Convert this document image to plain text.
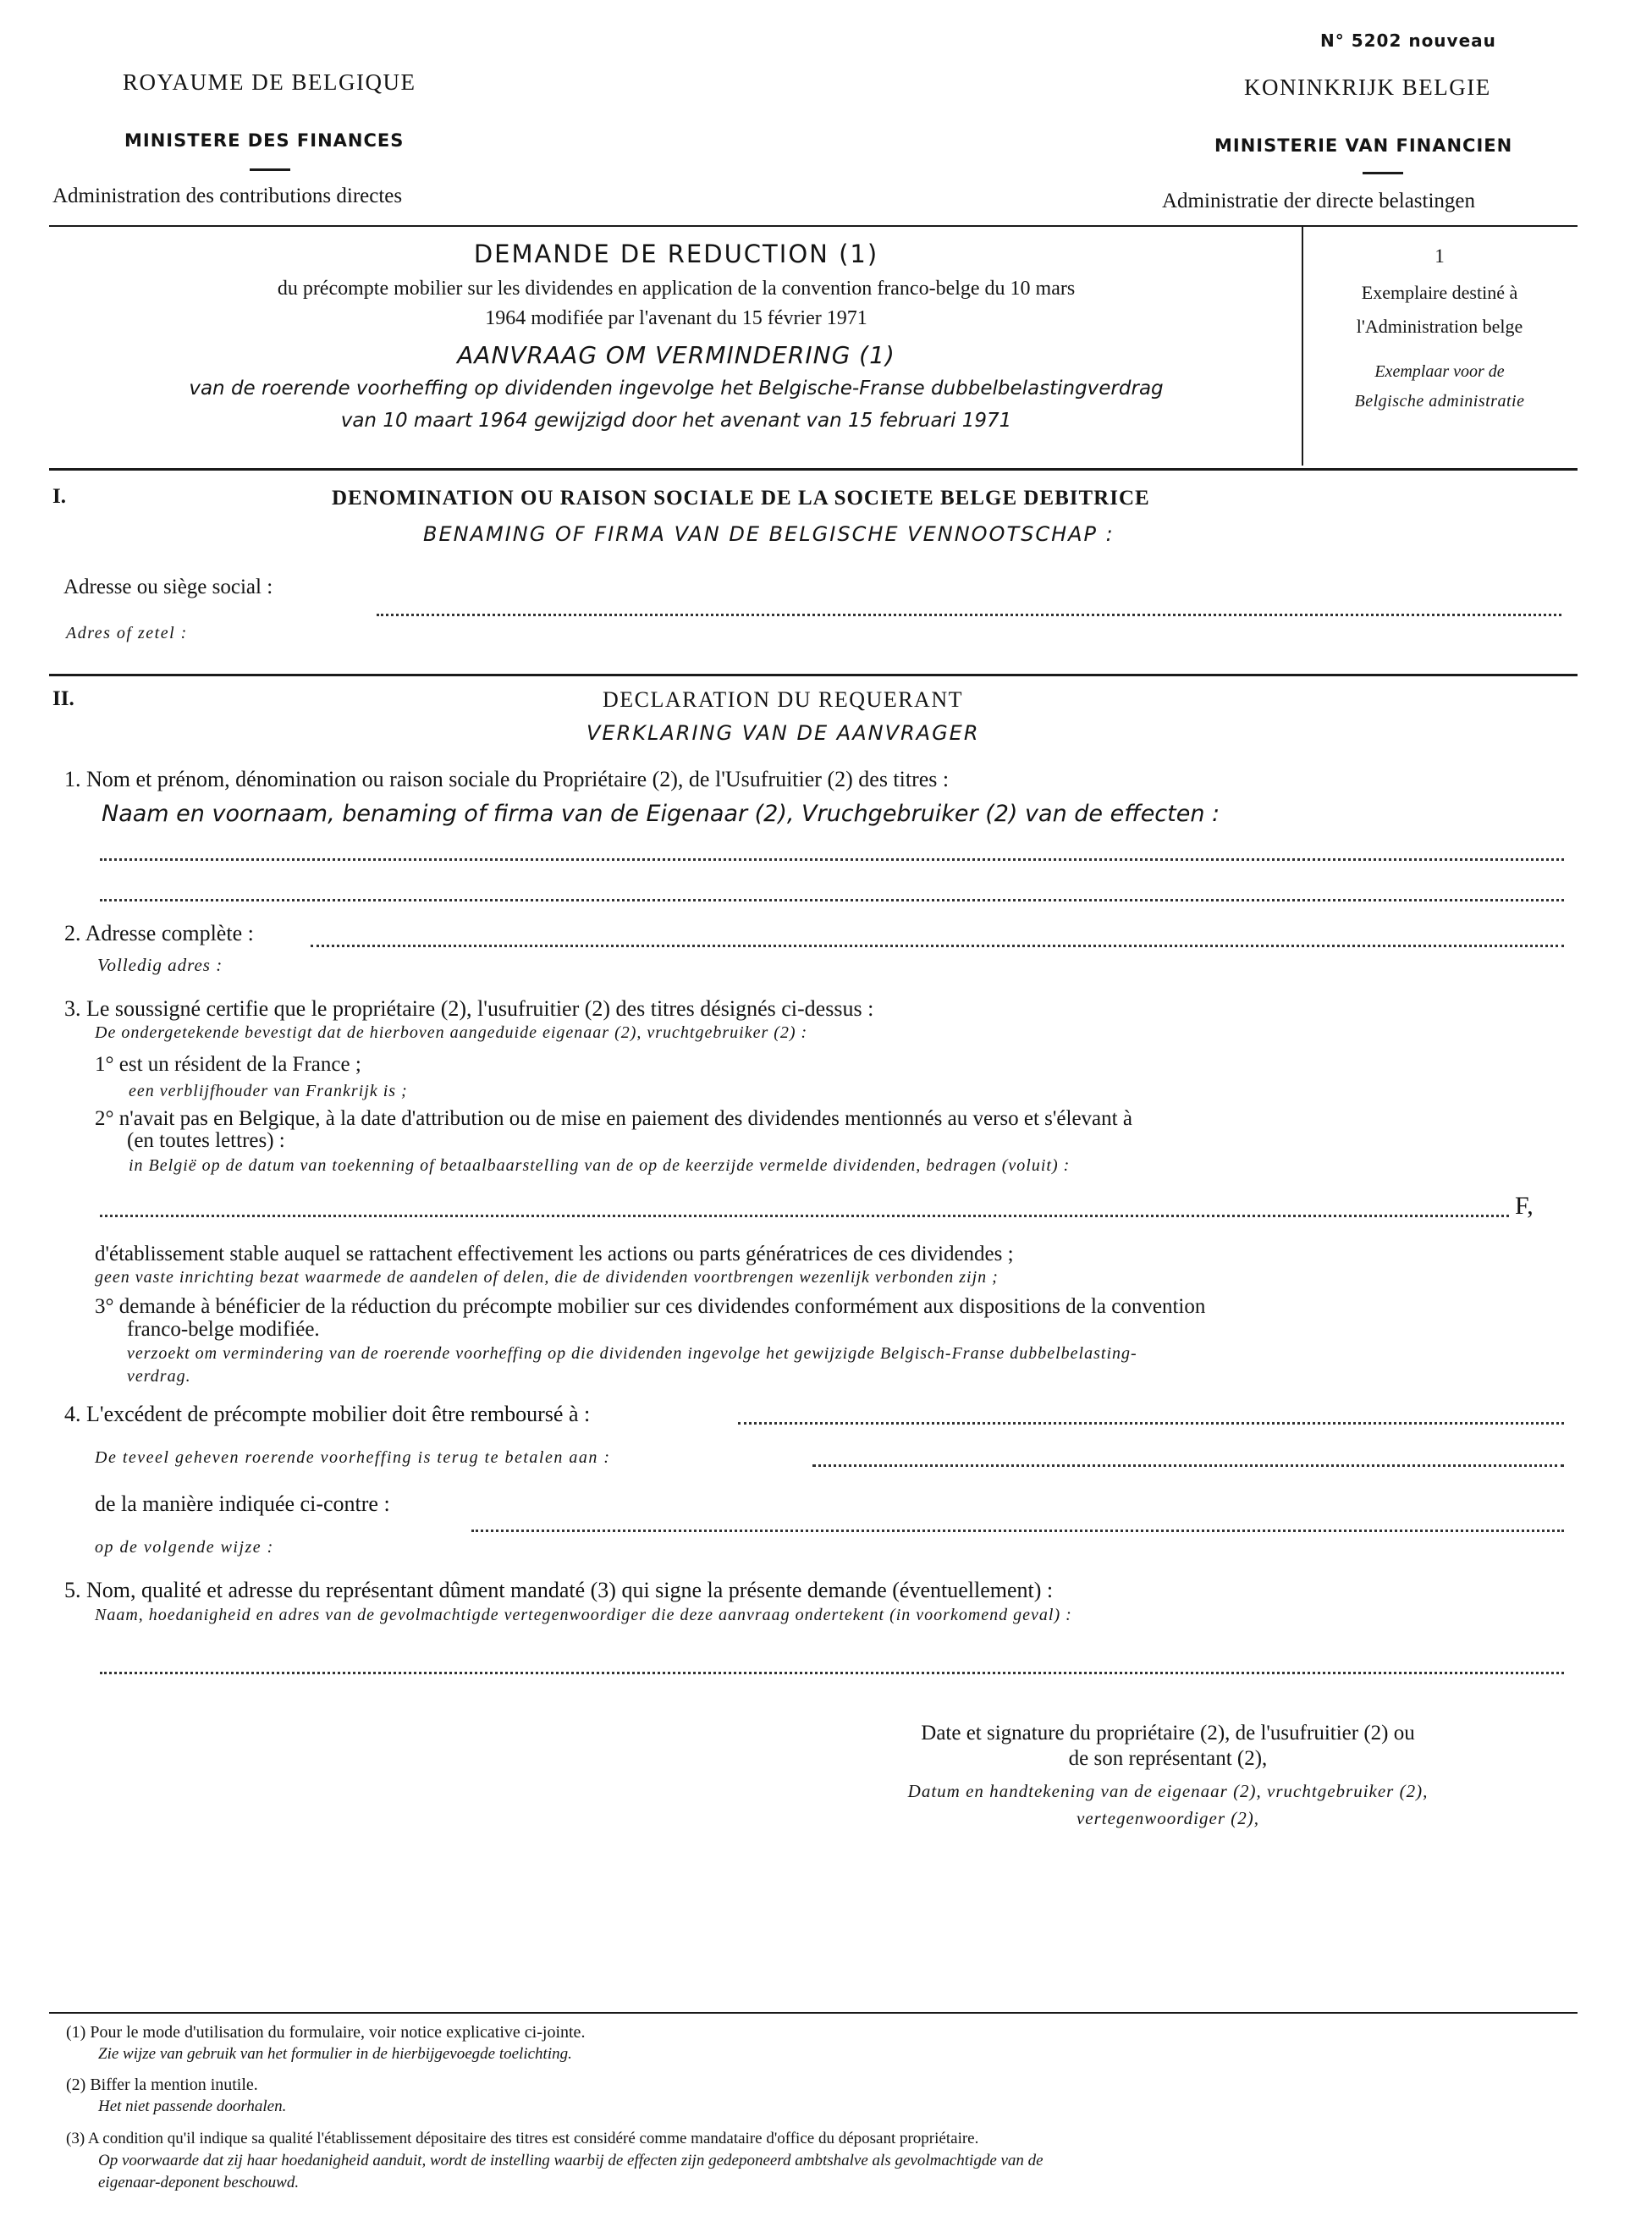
N° 5202 nouveau
ROYAUME DE BELGIQUE
MINISTERE DES FINANCES
Administration des contributions directes
KONINKRIJK BELGIE
MINISTERIE VAN FINANCIEN
Administratie der directe belastingen
DEMANDE DE REDUCTION (1)
du précompte mobilier sur les dividendes en application de la convention franco-belge du 10 mars
1964 modifiée par l'avenant du 15 février 1971
AANVRAAG OM VERMINDERING (1)
van de roerende voorheffing op dividenden ingevolge het Belgische-Franse dubbelbelastingverdrag
van 10 maart 1964 gewijzigd door het avenant van 15 februari 1971
1
Exemplaire destiné à
l'Administration belge
Exemplaar voor de
Belgische administratie
I.	DENOMINATION OU RAISON SOCIALE DE LA SOCIETE BELGE DEBITRICE
BENAMING OF FIRMA VAN DE BELGISCHE VENNOOTSCHAP :
Adresse ou siège social :
Adres of zetel :
II.	DECLARATION DU REQUERANT
VERKLARING VAN DE AANVRAGER
1. Nom et prénom, dénomination ou raison sociale du Propriétaire (2), de l'Usufruitier (2) des titres :
Naam en voornaam, benaming of firma van de Eigenaar (2), Vruchgebruiker (2) van de effecten :
2. Adresse complète :
Volledig adres :
3. Le soussigné certifie que le propriétaire (2), l'usufruitier (2) des titres désignés ci-dessus :
De ondergetekende bevestigt dat de hierboven aangeduide eigenaar (2), vruchtgebruiker (2) :
1° est un résident de la France ;
een verblijfhouder van Frankrijk is ;
2° n'avait pas en Belgique, à la date d'attribution ou de mise en paiement des dividendes mentionnés au verso et s'élevant à
(en toutes lettres) :
in België op de datum van toekenning of betaalbaarstelling van de op de keerzijde vermelde dividenden, bedragen (voluit) :
F,
d'établissement stable auquel se rattachent effectivement les actions ou parts génératrices de ces dividendes ;
geen vaste inrichting bezat waarmede de aandelen of delen, die de dividenden voortbrengen wezenlijk verbonden zijn ;
3° demande à bénéficier de la réduction du précompte mobilier sur ces dividendes conformément aux dispositions de la convention
franco-belge modifiée.
verzoekt om vermindering van de roerende voorheffing op die dividenden ingevolge het gewijzigde Belgisch-Franse dubbelbelasting-
verdrag.
4. L'excédent de précompte mobilier doit être remboursé à :
De teveel geheven roerende voorheffing is terug te betalen aan :
de la manière indiquée ci-contre :
op de volgende wijze :
5. Nom, qualité et adresse du représentant dûment mandaté (3) qui signe la présente demande (éventuellement) :
Naam, hoedanigheid en adres van de gevolmachtigde vertegenwoordiger die deze aanvraag ondertekent (in voorkomend geval) :
Date et signature du propriétaire (2), de l'usufruitier (2) ou
de son représentant (2),
Datum en handtekening van de eigenaar (2), vruchtgebruiker (2),
vertegenwoordiger (2),
(1) Pour le mode d'utilisation du formulaire, voir notice explicative ci-jointe.
Zie wijze van gebruik van het formulier in de hierbijgevoegde toelichting.
(2) Biffer la mention inutile.
Het niet passende doorhalen.
(3) A condition qu'il indique sa qualité l'établissement dépositaire des titres est considéré comme mandataire d'office du déposant propriétaire.
Op voorwaarde dat zij haar hoedanigheid aanduit, wordt de instelling waarbij de effecten zijn gedeponeerd ambtshalve als gevolmachtigde van de
eigenaar-deponent beschouwd.
